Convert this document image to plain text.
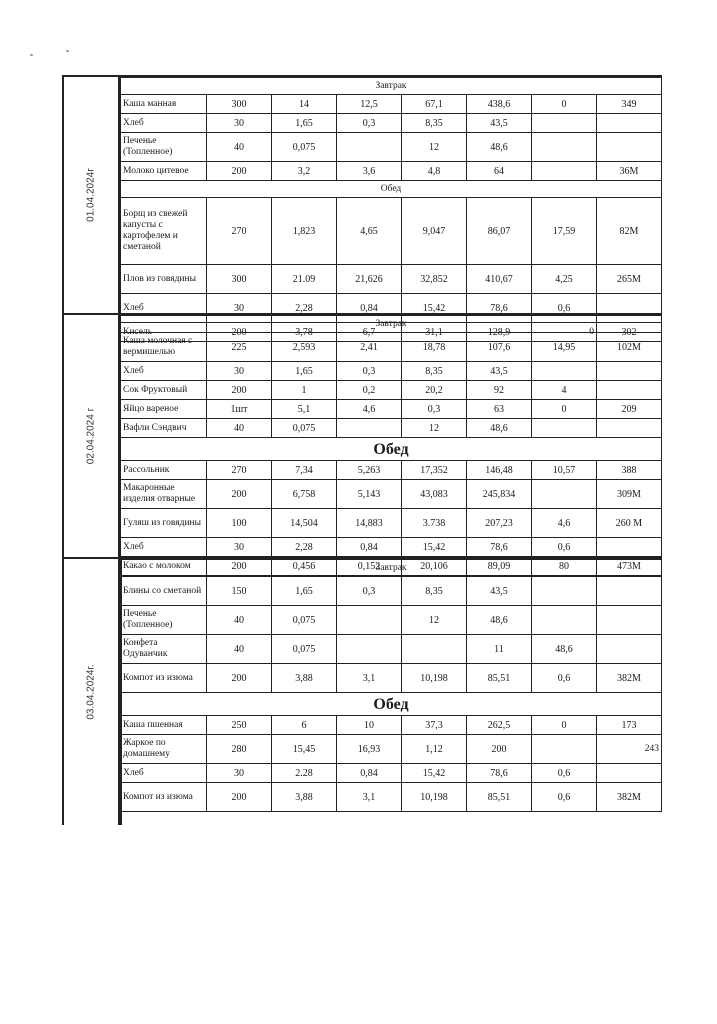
01.04.2024г
Завтрак							
Каша манная	300	14	12,5	67,1	438,6	0	349
Хлеб	30	1,65	0,3	8,35	43,5		
Печенье (Топленное)	40	0,075		12	48,6		
Молоко цитевое	200	3,2	3,6	4,8	64		36М
Обед							
Борщ из свежей капусты с картофелем и сметаной	270	1,823	4,65	9,047	86,07	17,59	82М
Плов из говядины	300	21.09	21,626	32,852	410,67	4,25	265М
Хлеб	30	2,28	0,84	15,42	78,6	0,6	
Кисель	200	3,78	6,7	31,1	128,9	0	302
02.04.2024 г
Завтрак							
Каша молочная с вермишелью	225	2,593	2,41	18,78	107,6	14,95	102М
Хлеб	30	1,65	0,3	8,35	43,5		
Сок Фруктовый	200	1	0,2	20,2	92	4	
Яйцо вареное	1шт	5,1	4,6	0,3	63	0	209
Вафли Сэндвич	40	0,075		12	48,6		
Обед							
Рассольник	270	7,34	5,263	17,352	146,48	10,57	388
Макаронные изделия отварные	200	6,758	5,143	43,083	245,834		309М
Гуляш из говядины	100	14,504	14,883	3.738	207,23	4,6	260 М
Хлеб	30	2,28	0,84	15,42	78,6	0,6	
Какао с молоком	200	0,456	0,152	20,106	89,09	80	473М
03.04.2024г.
Завтрак							
Блины со сметаной	150	1,65	0,3	8,35	43,5		
Печенье (Топленное)	40	0,075		12	48,6		
Конфета Одуванчик	40	0,075			11	48,6	
Компот из изюма	200	3,88	3,1	10,198	85,51	0,6	382М
Обед							
Каша пшенная	250	6	10	37,3	262,5	0	173
Жаркое по домашнему	280	15,45	16,93	1,12	200		243
Хлеб	30	2.28	0,84	15,42	78,6	0,6	
Компот из изюма	200	3,88	3,1	10,198	85,51	0,6	382М
